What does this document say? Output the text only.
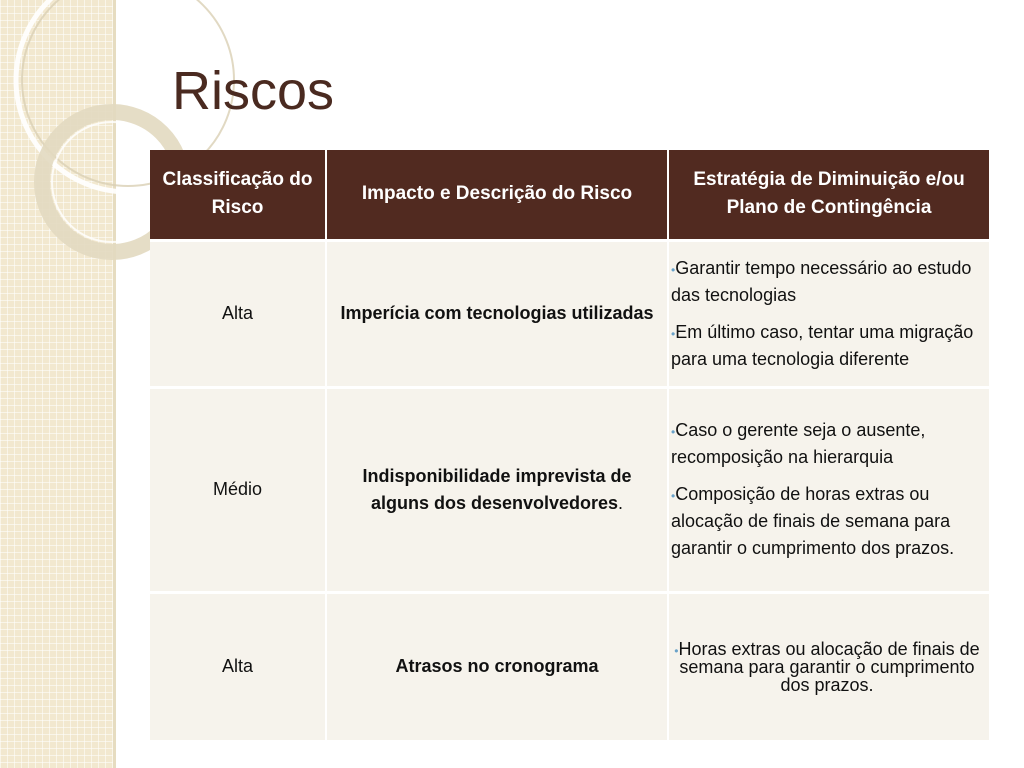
Riscos
Classificação do Risco	Impacto e Descrição do Risco	Estratégia de Diminuição e/ou Plano de Contingência
Alta	Imperícia com tecnologias utilizadas	•Garantir tempo necessário ao estudo das tecnologias

•Em último caso, tentar uma migração para uma tecnologia diferente

Médio	Indisponibilidade imprevista de alguns dos desenvolvedores.	•Caso o gerente seja o ausente, recomposição na hierarquia

•Composição de horas extras ou alocação de finais de semana para garantir o cumprimento dos prazos.

Alta	Atrasos no cronograma	•Horas extras ou alocação de finais de semana para garantir o cumprimento dos prazos.
